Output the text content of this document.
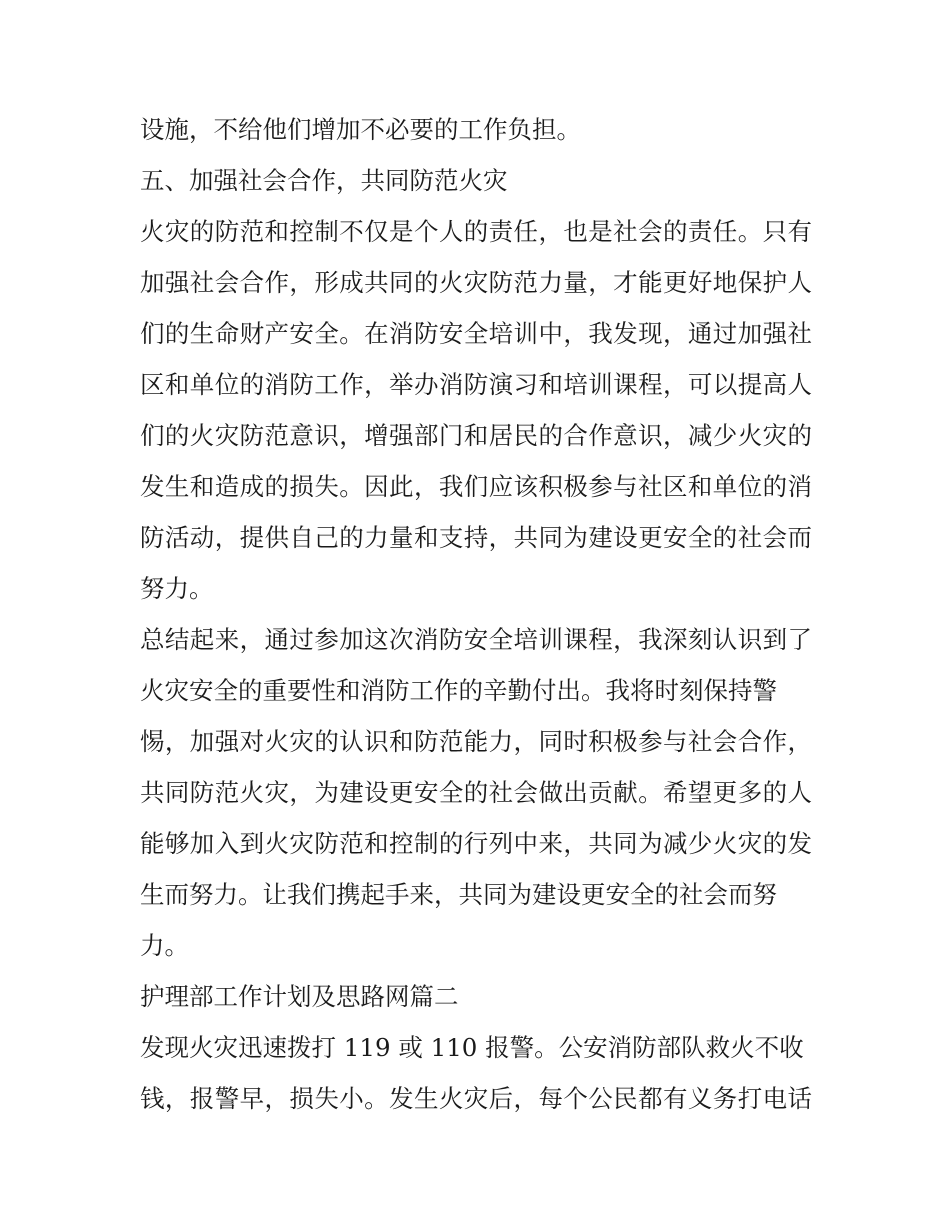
设施，不给他们增加不必要的工作负担。
五、加强社会合作，共同防范火灾
火灾的防范和控制不仅是个人的责任，也是社会的责任。只有
加强社会合作，形成共同的火灾防范力量，才能更好地保护人
们的生命财产安全。在消防安全培训中，我发现，通过加强社
区和单位的消防工作，举办消防演习和培训课程，可以提高人
们的火灾防范意识，增强部门和居民的合作意识，减少火灾的
发生和造成的损失。因此，我们应该积极参与社区和单位的消
防活动，提供自己的力量和支持，共同为建设更安全的社会而
努力。
总结起来，通过参加这次消防安全培训课程，我深刻认识到了
火灾安全的重要性和消防工作的辛勤付出。我将时刻保持警
惕，加强对火灾的认识和防范能力，同时积极参与社会合作，
共同防范火灾，为建设更安全的社会做出贡献。希望更多的人
能够加入到火灾防范和控制的行列中来，共同为减少火灾的发
生而努力。让我们携起手来，共同为建设更安全的社会而努
力。
护理部工作计划及思路网篇二
发现火灾迅速拨打 119 或 110 报警。公安消防部队救火不收
钱，报警早，损失小。发生火灾后，每个公民都有义务打电话
